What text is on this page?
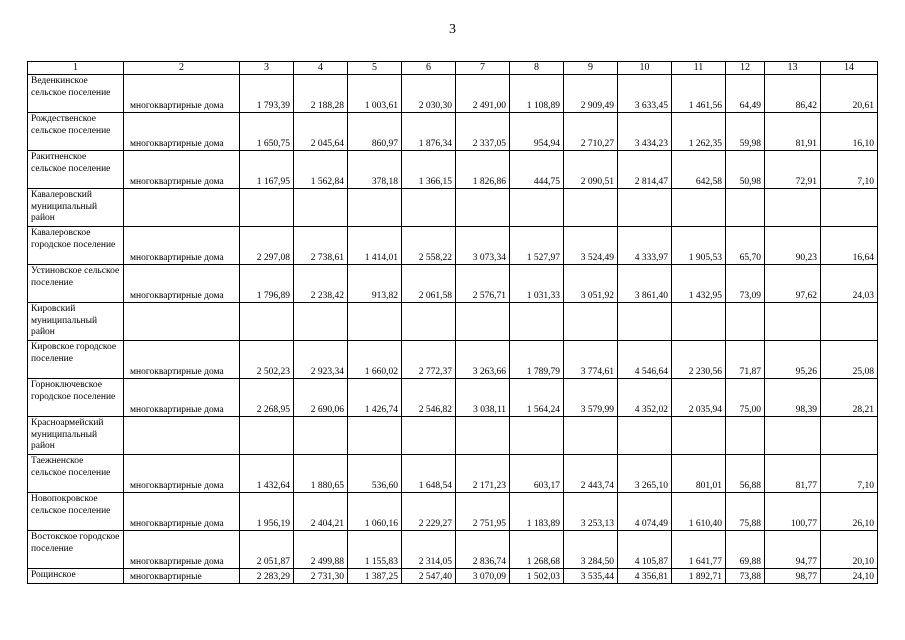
3
1	2	3	4	5	6	7	8	9	10	11	12	13	14
Веденкинское сельское поселение	многоквартирные дома	1 793,39	2 188,28	1 003,61	2 030,30	2 491,00	1 108,89	2 909,49	3 633,45	1 461,56	64,49	86,42	20,61
Рождественское сельское поселение	многоквартирные дома	1 650,75	2 045,64	860,97	1 876,34	2 337,05	954,94	2 710,27	3 434,23	1 262,35	59,98	81,91	16,10
Ракитненское сельское поселение	многоквартирные дома	1 167,95	1 562,84	378,18	1 366,15	1 826,86	444,75	2 090,51	2 814,47	642,58	50,98	72,91	7,10
Кавалеровский муниципальный район													
Кавалеровское городское поселение	многоквартирные дома	2 297,08	2 738,61	1 414,01	2 558,22	3 073,34	1 527,97	3 524,49	4 333,97	1 905,53	65,70	90,23	16,64
Устиновское сельское поселение	многоквартирные дома	1 796,89	2 238,42	913,82	2 061,58	2 576,71	1 031,33	3 051,92	3 861,40	1 432,95	73,09	97,62	24,03
Кировский муниципальный район													
Кировское городское поселение	многоквартирные дома	2 502,23	2 923,34	1 660,02	2 772,37	3 263,66	1 789,79	3 774,61	4 546,64	2 230,56	71,87	95,26	25,08
Горноключевское городское поселение	многоквартирные дома	2 268,95	2 690,06	1 426,74	2 546,82	3 038,11	1 564,24	3 579,99	4 352,02	2 035,94	75,00	98,39	28,21
Красноармейский муниципальный район													
Таежненское сельское поселение	многоквартирные дома	1 432,64	1 880,65	536,60	1 648,54	2 171,23	603,17	2 443,74	3 265,10	801,01	56,88	81,77	7,10
Новопокровское сельское поселение	многоквартирные дома	1 956,19	2 404,21	1 060,16	2 229,27	2 751,95	1 183,89	3 253,13	4 074,49	1 610,40	75,88	100,77	26,10
Востокское городское поселение	многоквартирные дома	2 051,87	2 499,88	1 155,83	2 314,05	2 836,74	1 268,68	3 284,50	4 105,87	1 641,77	69,88	94,77	20,10
Рощинское	многоквартирные	2 283,29	2 731,30	1 387,25	2 547,40	3 070,09	1 502,03	3 535,44	4 356,81	1 892,71	73,88	98,77	24,10
